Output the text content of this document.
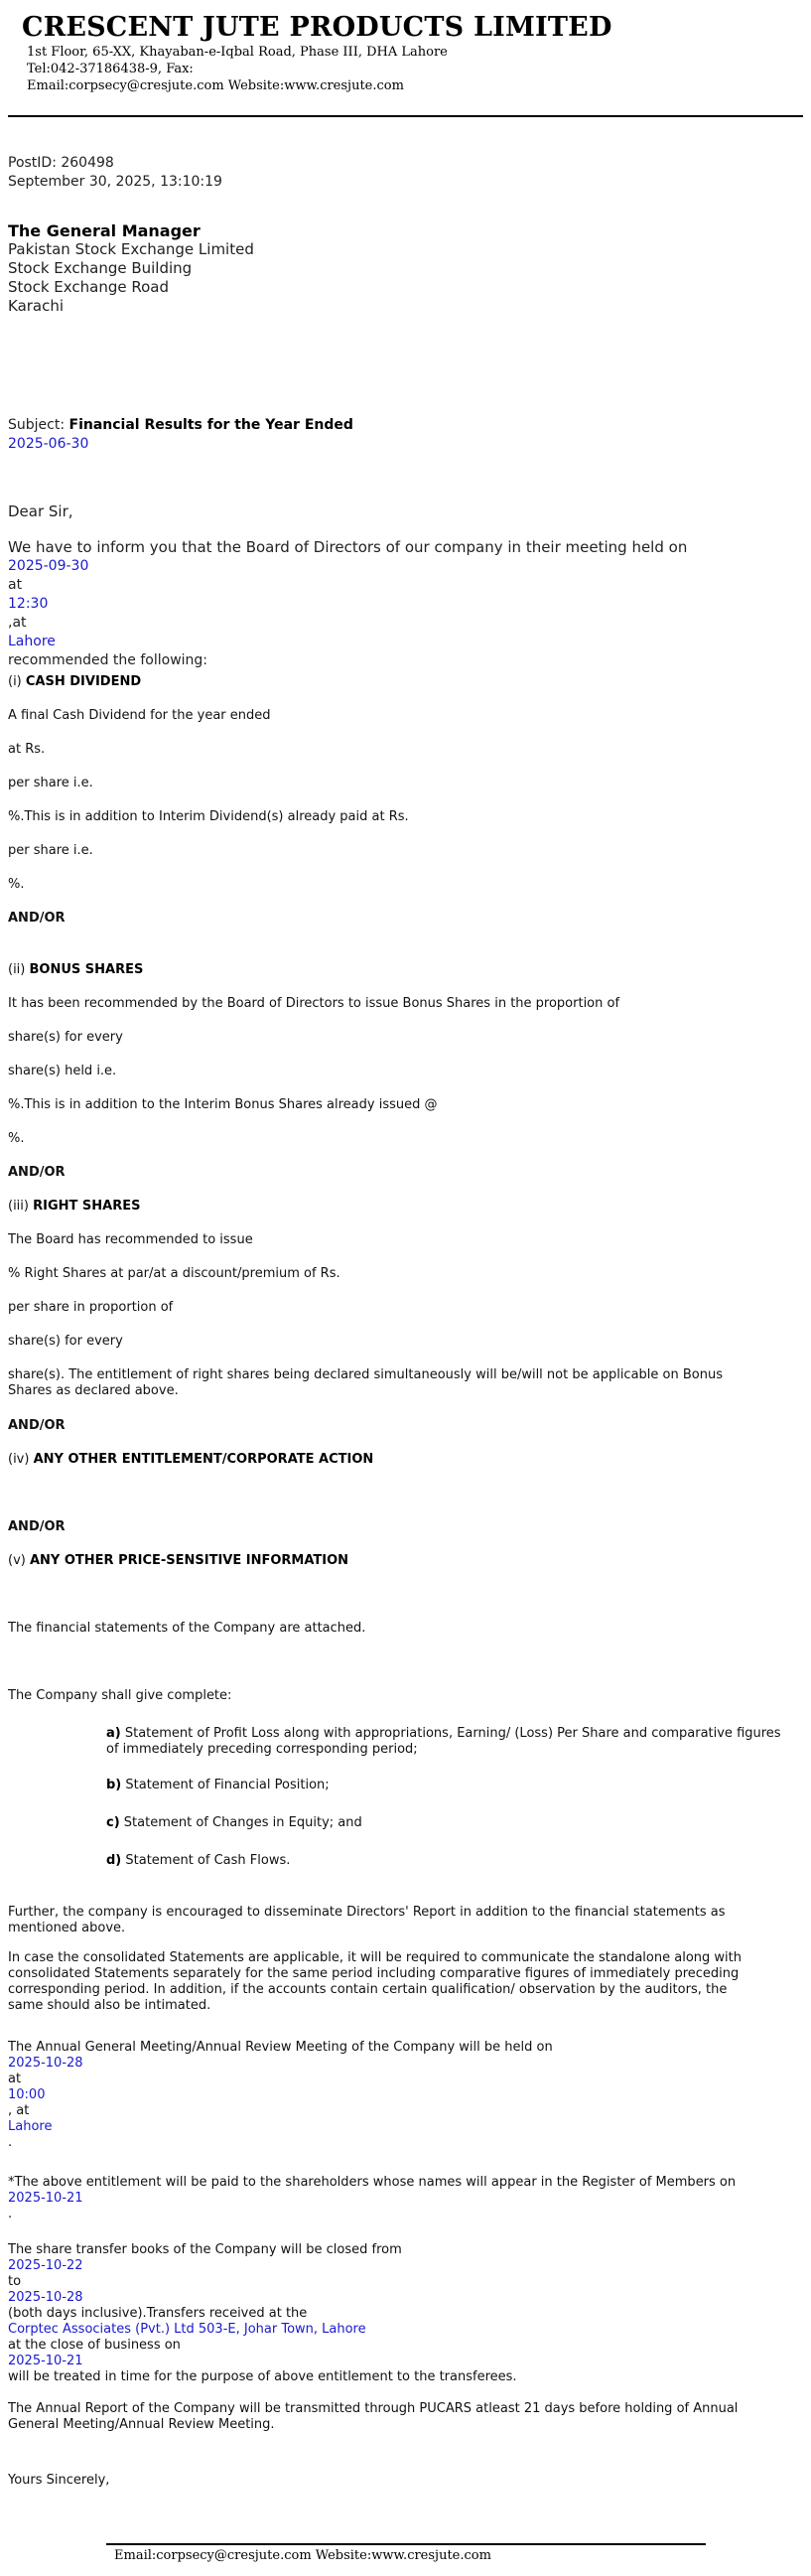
CRESCENT JUTE PRODUCTS LIMITED
1st Floor, 65-XX, Khayaban-e-Iqbal Road, Phase III, DHA Lahore
Tel:042-37186438-9, Fax:
Email:corpsecy@cresjute.com Website:www.cresjute.com
PostID: 260498
September 30, 2025, 13:10:19
The General Manager
Pakistan Stock Exchange Limited
Stock Exchange Building
Stock Exchange Road
Karachi
Subject: Financial Results for the Year Ended
2025-06-30
Dear Sir,
We have to inform you that the Board of Directors of our company in their meeting held on
2025-09-30
at
12:30
,at
Lahore
recommended the following:
(i) CASH DIVIDEND
A final Cash Dividend for the year ended
at Rs.
per share i.e.
%.This is in addition to Interim Dividend(s) already paid at Rs.
per share i.e.
%.
AND/OR
(ii) BONUS SHARES
It has been recommended by the Board of Directors to issue Bonus Shares in the proportion of
share(s) for every
share(s) held i.e.
%.This is in addition to the Interim Bonus Shares already issued @
%.
AND/OR
(iii) RIGHT SHARES
The Board has recommended to issue
% Right Shares at par/at a discount/premium of Rs.
per share in proportion of
share(s) for every
share(s). The entitlement of right shares being declared simultaneously will be/will not be applicable on Bonus Shares as declared above.
AND/OR
(iv) ANY OTHER ENTITLEMENT/CORPORATE ACTION
AND/OR
(v) ANY OTHER PRICE-SENSITIVE INFORMATION
The financial statements of the Company are attached.
The Company shall give complete:
a) Statement of Profit Loss along with appropriations, Earning/ (Loss) Per Share and comparative figures of immediately preceding corresponding period;
b) Statement of Financial Position;
c) Statement of Changes in Equity; and
d) Statement of Cash Flows.
Further, the company is encouraged to disseminate Directors' Report in addition to the financial statements as mentioned above.
In case the consolidated Statements are applicable, it will be required to communicate the standalone along with consolidated Statements separately for the same period including comparative figures of immediately preceding corresponding period. In addition, if the accounts contain certain qualification/ observation by the auditors, the same should also be intimated.
The Annual General Meeting/Annual Review Meeting of the Company will be held on
2025-10-28
at
10:00
, at
Lahore
.
*The above entitlement will be paid to the shareholders whose names will appear in the Register of Members on
2025-10-21
.
The share transfer books of the Company will be closed from
2025-10-22
to
2025-10-28
(both days inclusive).Transfers received at the
Corptec Associates (Pvt.) Ltd 503-E, Johar Town, Lahore
at the close of business on
2025-10-21
will be treated in time for the purpose of above entitlement to the transferees.
The Annual Report of the Company will be transmitted through PUCARS atleast 21 days before holding of Annual General Meeting/Annual Review Meeting.
Yours Sincerely,
Email:corpsecy@cresjute.com Website:www.cresjute.com
